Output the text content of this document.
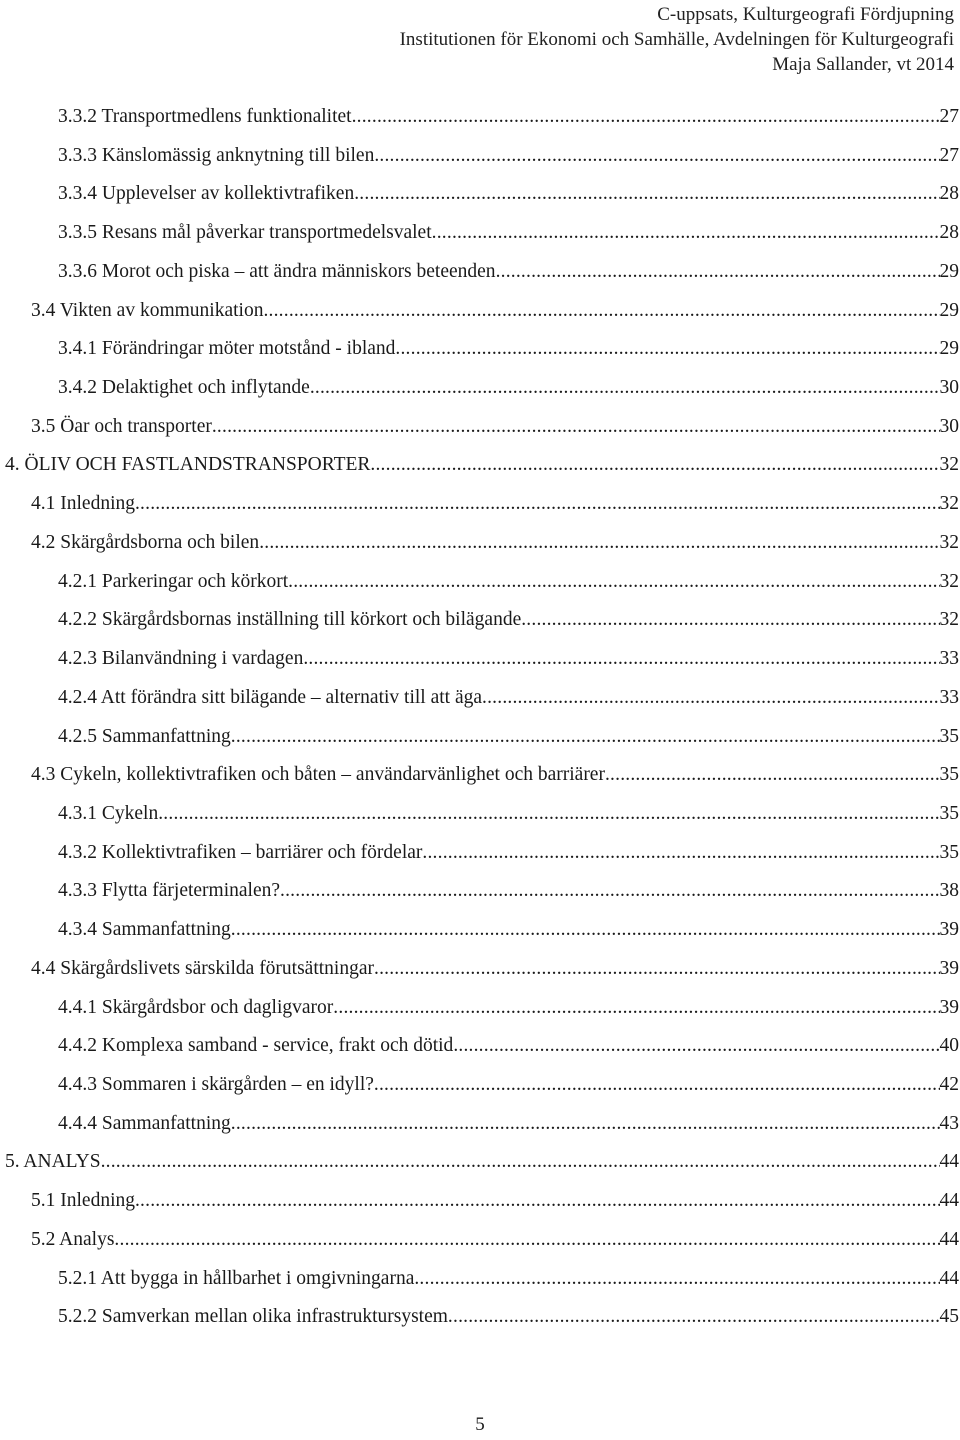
C-uppsats, Kulturgeografi Fördjupning
Institutionen för Ekonomi och Samhälle, Avdelningen för Kulturgeografi
Maja Sallander, vt 2014
3.3.2 Transportmedlens funktionalitet .....	27
3.3.3 Känslomässig anknytning till bilen .....	27
3.3.4 Upplevelser av kollektivtrafiken .....	28
3.3.5 Resans mål påverkar transportmedelsvalet .....	28
3.3.6 Morot och piska – att ändra människors beteenden .....	29
3.4 Vikten av kommunikation .....	29
3.4.1 Förändringar möter motstånd - ibland .....	29
3.4.2 Delaktighet och inflytande .....	30
3.5 Öar och transporter .....	30
4. ÖLIV OCH FASTLANDSTRANSPORTER .....	32
4.1 Inledning .....	32
4.2 Skärgårdsborna och bilen .....	32
4.2.1 Parkeringar och körkort .....	32
4.2.2 Skärgårdsbornas inställning till körkort och bilägande .....	32
4.2.3 Bilanvändning i vardagen .....	33
4.2.4 Att förändra sitt bilägande – alternativ till att äga .....	33
4.2.5 Sammanfattning .....	35
4.3 Cykeln, kollektivtrafiken och båten – användarvänlighet och barriärer .....	35
4.3.1 Cykeln .....	35
4.3.2 Kollektivtrafiken – barriärer och fördelar .....	35
4.3.3 Flytta färjeterminalen? .....	38
4.3.4 Sammanfattning .....	39
4.4 Skärgårdslivets särskilda förutsättningar .....	39
4.4.1 Skärgårdsbor och dagligvaror .....	39
4.4.2 Komplexa samband - service, frakt och dötid .....	40
4.4.3 Sommaren i skärgården – en idyll? .....	42
4.4.4 Sammanfattning .....	43
5. ANALYS .....	44
5.1 Inledning .....	44
5.2 Analys .....	44
5.2.1 Att bygga in hållbarhet i omgivningarna .....	44
5.2.2 Samverkan mellan olika infrastruktursystem .....	45
5
